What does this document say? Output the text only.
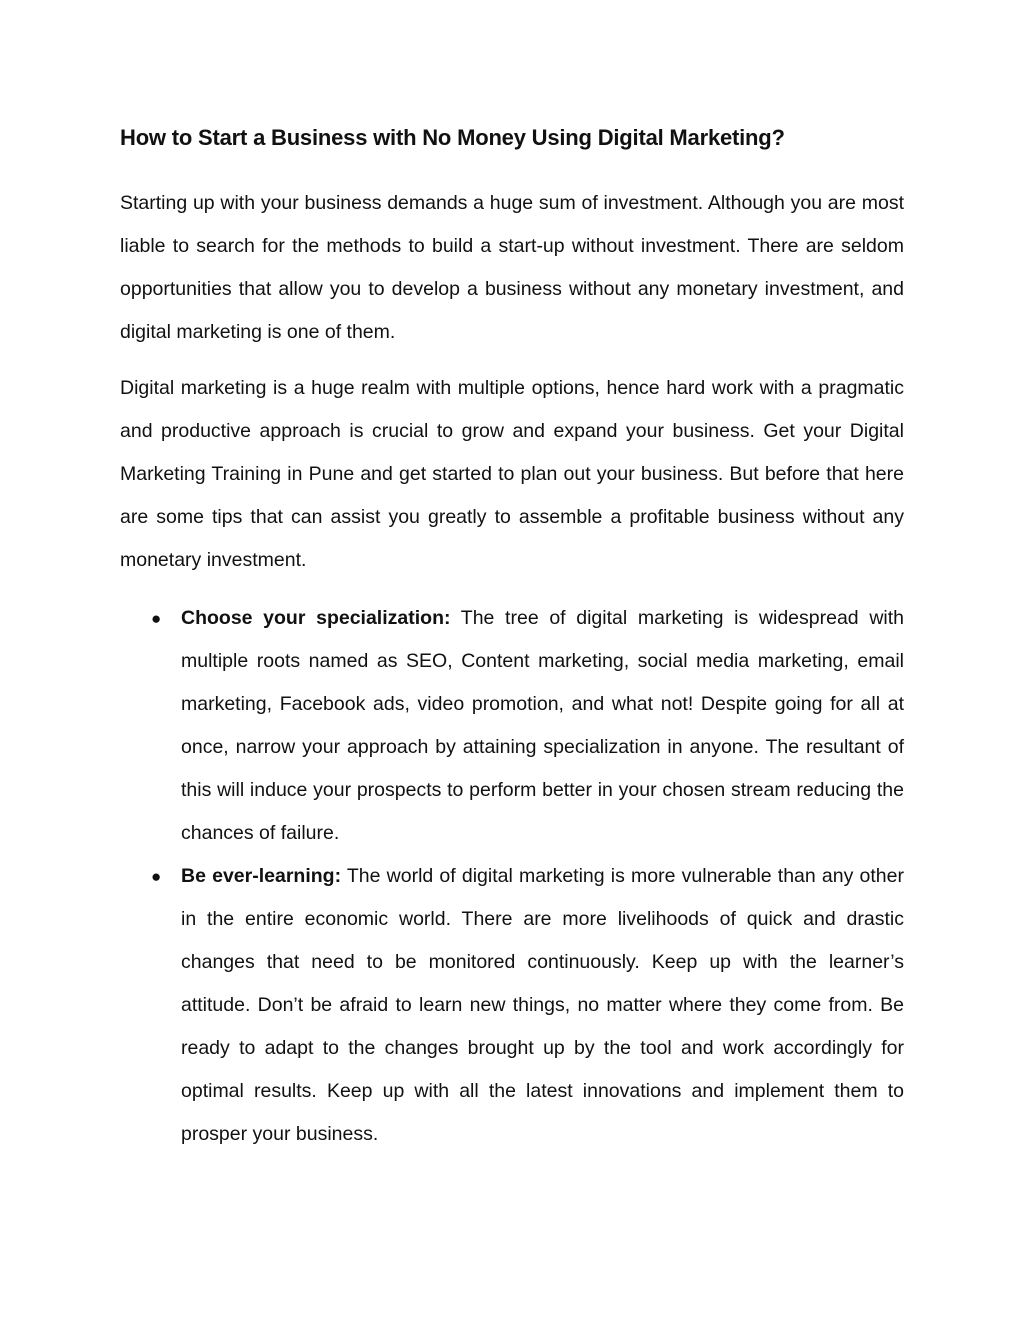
How to Start a Business with No Money Using Digital Marketing?

Starting up with your business demands a huge sum of investment. Although you are most liable to search for the methods to build a start-up without investment. There are seldom opportunities that allow you to develop a business without any monetary investment, and digital marketing is one of them.

Digital marketing is a huge realm with multiple options, hence hard work with a pragmatic and productive approach is crucial to grow and expand your business. Get your Digital Marketing Training in Pune and get started to plan out your business. But before that here are some tips that can assist you greatly to assemble a profitable business without any monetary investment.

● Choose your specialization: The tree of digital marketing is widespread with multiple roots named as SEO, Content marketing, social media marketing, email marketing, Facebook ads, video promotion, and what not! Despite going for all at once, narrow your approach by attaining specialization in anyone. The resultant of this will induce your prospects to perform better in your chosen stream reducing the chances of failure.
● Be ever-learning: The world of digital marketing is more vulnerable than any other in the entire economic world. There are more livelihoods of quick and drastic changes that need to be monitored continuously. Keep up with the learner’s attitude. Don’t be afraid to learn new things, no matter where they come from. Be ready to adapt to the changes brought up by the tool and work accordingly for optimal results. Keep up with all the latest innovations and implement them to prosper your business.
